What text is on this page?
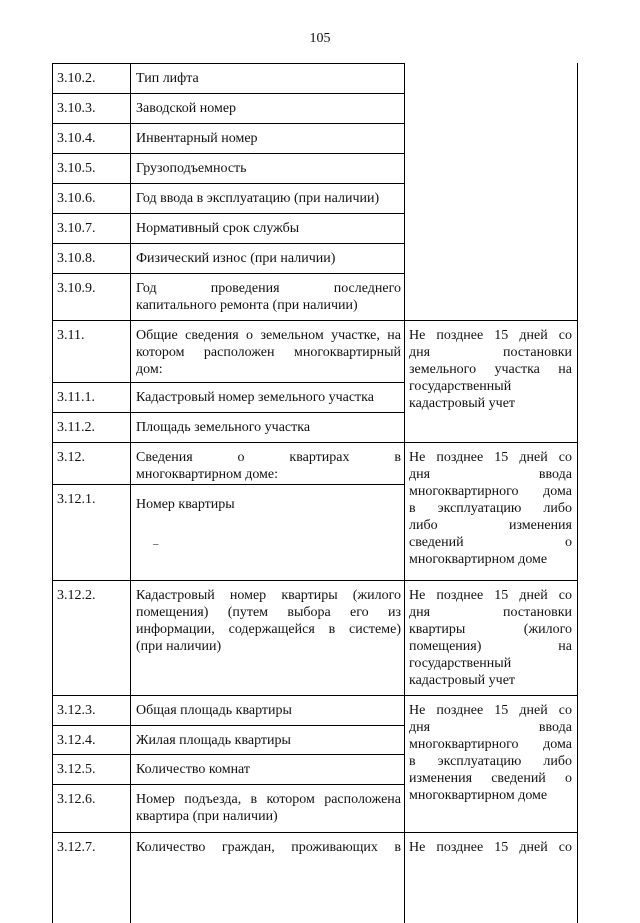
105
3.10.2.
3.10.3.
3.10.4.
3.10.5.
3.10.6.
3.10.7.
3.10.8.
3.10.9.
3.11.
3.11.1.
3.11.2.
3.12.
3.12.1.
3.12.2.
3.12.3.
3.12.4.
3.12.5.
3.12.6.
3.12.7.
Тип лифта
Заводской номер
Инвентарный номер
Грузоподъемность
Год ввода в эксплуатацию (при наличии)
Нормативный срок службы
Физический износ (при наличии)
Год проведения последнего
капитального ремонта (при наличии)
Общие сведения о земельном участке, на
котором расположен многоквартирный
дом:
Кадастровый номер земельного участка
Площадь земельного участка
Сведения о квартирах в
многоквартирном доме:
Номер квартиры
–
Кадастровый номер квартиры (жилого
помещения) (путем выбора его из
информации, содержащейся в системе)
(при наличии)
Общая площадь квартиры
Жилая площадь квартиры
Количество комнат
Номер подъезда, в котором расположена
квартира (при наличии)
Количество граждан, проживающих в
Не позднее 15 дней со
дня постановки
земельного участка на
государственный
кадастровый учет
Не позднее 15 дней со
дня ввода
многоквартирного дома
в эксплуатацию либо
либо изменения
сведений о
многоквартирном доме
Не позднее 15 дней со
дня постановки
квартиры (жилого
помещения) на
государственный
кадастровый учет
Не позднее 15 дней со
дня ввода
многоквартирного дома
в эксплуатацию либо
изменения сведений о
многоквартирном доме
Не позднее 15 дней со
